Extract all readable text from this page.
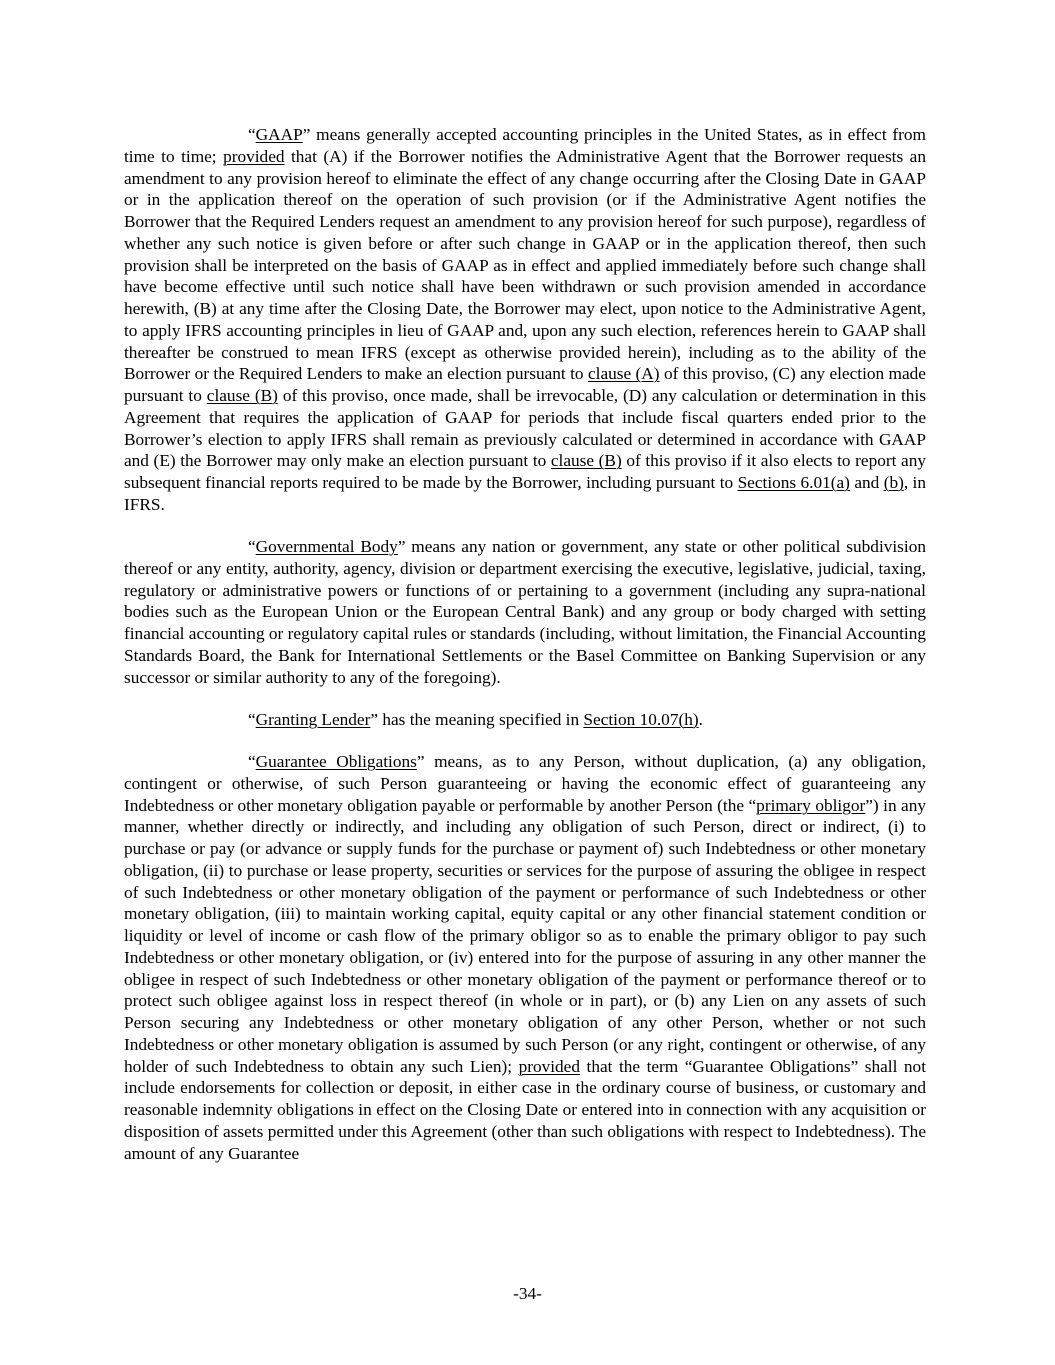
“GAAP” means generally accepted accounting principles in the United States, as in effect from time to time; provided that (A) if the Borrower notifies the Administrative Agent that the Borrower requests an amendment to any provision hereof to eliminate the effect of any change occurring after the Closing Date in GAAP or in the application thereof on the operation of such provision (or if the Administrative Agent notifies the Borrower that the Required Lenders request an amendment to any provision hereof for such purpose), regardless of whether any such notice is given before or after such change in GAAP or in the application thereof, then such provision shall be interpreted on the basis of GAAP as in effect and applied immediately before such change shall have become effective until such notice shall have been withdrawn or such provision amended in accordance herewith, (B) at any time after the Closing Date, the Borrower may elect, upon notice to the Administrative Agent, to apply IFRS accounting principles in lieu of GAAP and, upon any such election, references herein to GAAP shall thereafter be construed to mean IFRS (except as otherwise provided herein), including as to the ability of the Borrower or the Required Lenders to make an election pursuant to clause (A) of this proviso, (C) any election made pursuant to clause (B) of this proviso, once made, shall be irrevocable, (D) any calculation or determination in this Agreement that requires the application of GAAP for periods that include fiscal quarters ended prior to the Borrower’s election to apply IFRS shall remain as previously calculated or determined in accordance with GAAP and (E) the Borrower may only make an election pursuant to clause (B) of this proviso if it also elects to report any subsequent financial reports required to be made by the Borrower, including pursuant to Sections 6.01(a) and (b), in IFRS.

“Governmental Body” means any nation or government, any state or other political subdivision thereof or any entity, authority, agency, division or department exercising the executive, legislative, judicial, taxing, regulatory or administrative powers or functions of or pertaining to a government (including any supra-national bodies such as the European Union or the European Central Bank) and any group or body charged with setting financial accounting or regulatory capital rules or standards (including, without limitation, the Financial Accounting Standards Board, the Bank for International Settlements or the Basel Committee on Banking Supervision or any successor or similar authority to any of the foregoing).

“Granting Lender” has the meaning specified in Section 10.07(h).

“Guarantee Obligations” means, as to any Person, without duplication, (a) any obligation, contingent or otherwise, of such Person guaranteeing or having the economic effect of guaranteeing any Indebtedness or other monetary obligation payable or performable by another Person (the “primary obligor”) in any manner, whether directly or indirectly, and including any obligation of such Person, direct or indirect, (i) to purchase or pay (or advance or supply funds for the purchase or payment of) such Indebtedness or other monetary obligation, (ii) to purchase or lease property, securities or services for the purpose of assuring the obligee in respect of such Indebtedness or other monetary obligation of the payment or performance of such Indebtedness or other monetary obligation, (iii) to maintain working capital, equity capital or any other financial statement condition or liquidity or level of income or cash flow of the primary obligor so as to enable the primary obligor to pay such Indebtedness or other monetary obligation, or (iv) entered into for the purpose of assuring in any other manner the obligee in respect of such Indebtedness or other monetary obligation of the payment or performance thereof or to protect such obligee against loss in respect thereof (in whole or in part), or (b) any Lien on any assets of such Person securing any Indebtedness or other monetary obligation of any other Person, whether or not such Indebtedness or other monetary obligation is assumed by such Person (or any right, contingent or otherwise, of any holder of such Indebtedness to obtain any such Lien); provided that the term “Guarantee Obligations” shall not include endorsements for collection or deposit, in either case in the ordinary course of business, or customary and reasonable indemnity obligations in effect on the Closing Date or entered into in connection with any acquisition or disposition of assets permitted under this Agreement (other than such obligations with respect to Indebtedness). The amount of any Guarantee

-34-
